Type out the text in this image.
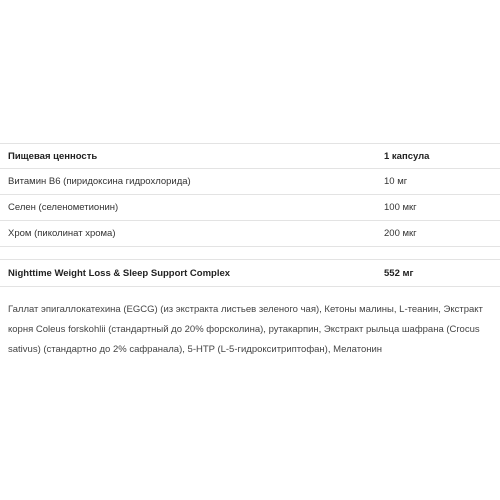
Пищевая ценность	1 капсула
Витамин B6 (пиридоксина гидрохлорида)	10 мг
Селен (селенометионин)	100 мкг
Хром (пиколинат хрома)	200 мкг
Nighttime Weight Loss & Sleep Support Complex	552 мг
Галлат эпигаллокатехина (EGCG) (из экстракта листьев зеленого чая), Кетоны малины, L-теанин, Экстракт корня Coleus forskohlii (стандартный до 20% форсколина), рутакарпин, Экстракт рыльца шафрана (Crocus sativus) (стандартно до 2% сафранала), 5-HTP (L-5-гидрокситриптофан), Мелатонин
